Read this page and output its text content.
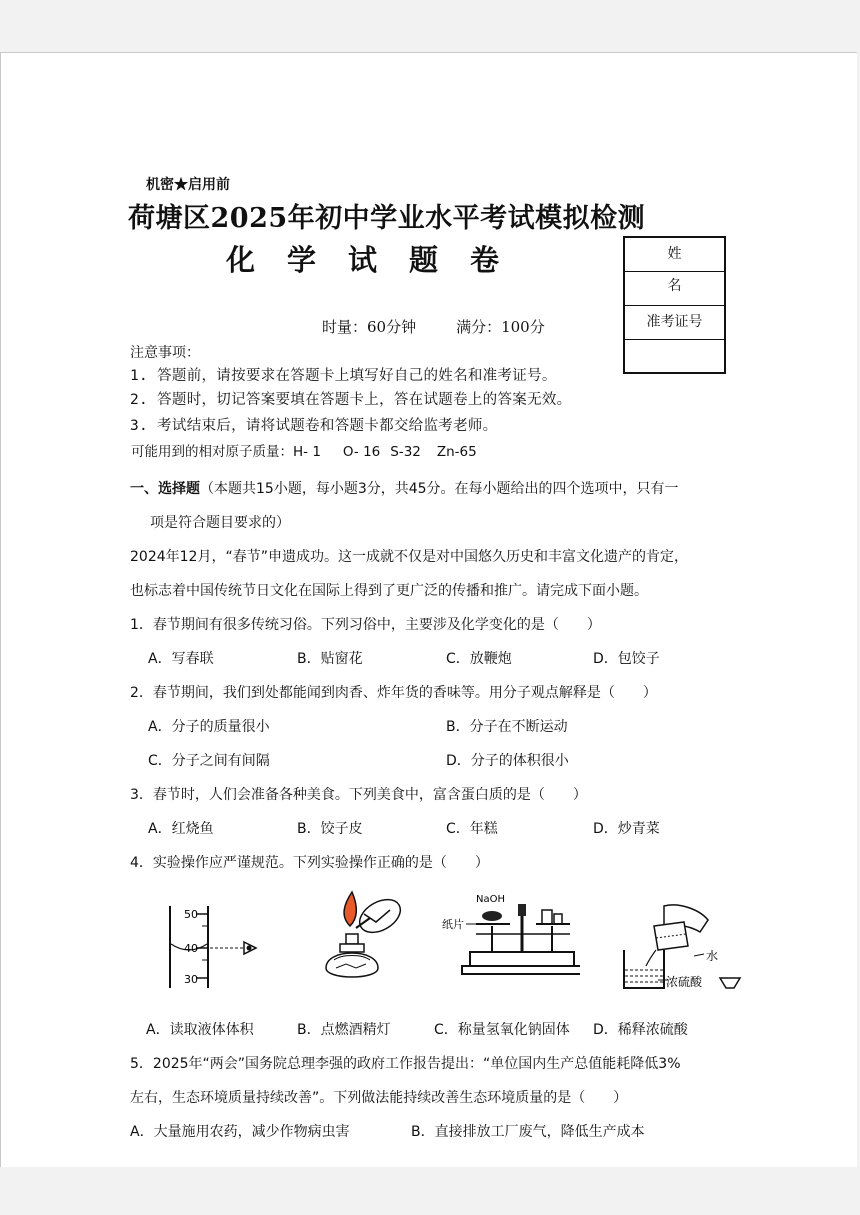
机密★启用前
荷塘区2025年初中学业水平考试模拟检测
化学试题卷
时量：60分钟	满分：100分
姓名
准考证号
注意事项：
1. 答题前，请按要求在答题卡上填写好自己的姓名和准考证号。
2. 答题时，切记答案要填在答题卡上，答在试题卷上的答案无效。
3. 考试结束后，请将试题卷和答题卡都交给监考老师。
可能用到的相对原子质量：H- 1 O- 16 S-32 Zn-65
一、选择题（本题共15小题，每小题3分，共45分。在每小题给出的四个选项中，只有一
项是符合题目要求的）
2024年12月，“春节”申遗成功。这一成就不仅是对中国悠久历史和丰富文化遗产的肯定，
也标志着中国传统节日文化在国际上得到了更广泛的传播和推广。请完成下面小题。
1．春节期间有很多传统习俗。下列习俗中，主要涉及化学变化的是（　　）
A．写春联	B．贴窗花	C．放鞭炮	D．包饺子
2．春节期间，我们到处都能闻到肉香、炸年货的香味等。用分子观点解释是（　　）
A．分子的质量很小	B．分子在不断运动
C．分子之间有间隔	D．分子的体积很小
3．春节时，人们会准备各种美食。下列美食中，富含蛋白质的是（　　）
A．红烧鱼	B．饺子皮	C．年糕	D．炒青菜
4．实验操作应严谨规范。下列实验操作正确的是（　　）
50
40
30
NaOH
纸片
水
浓硫酸
A．读取液体体积	B．点燃酒精灯	C．称量氢氧化钠固体 D．稀释浓硫酸
5．2025年“两会”国务院总理李强的政府工作报告提出：“单位国内生产总值能耗降低3%
左右，生态环境质量持续改善”。下列做法能持续改善生态环境质量的是（　　）
A．大量施用农药，减少作物病虫害	B．直接排放工厂废气，降低生产成本
